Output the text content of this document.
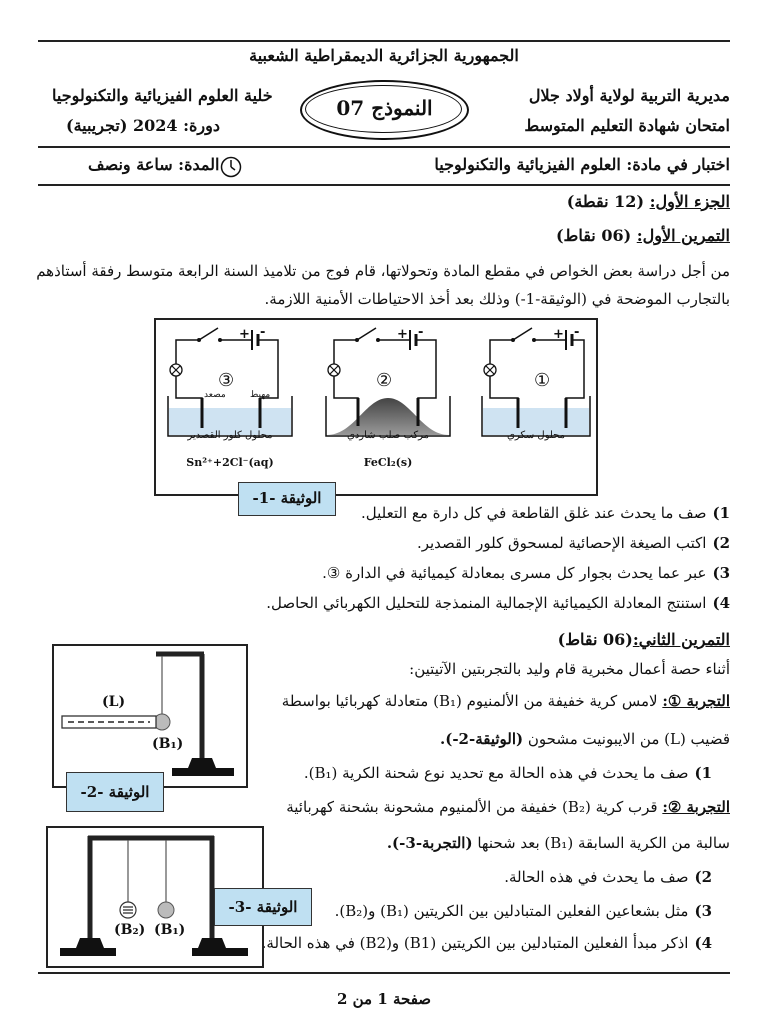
الجمهورية الجزائرية الديمقراطية الشعبية
مديرية التربية لولاية أولاد جلال
امتحان شهادة التعليم المتوسط
خلية العلوم الفيزيائية والتكنولوجيا
دورة: 2024 (تجريبية)
النموذج 07
اختبار في مادة: العلوم الفيزيائية والتكنولوجيا
المدة: ساعة ونصف
الجزء الأول: (12 نقطة)
التمرين الأول: (06 نقاط)
من أجل دراسة بعض الخواص في مقطع المادة وتحولاتها، قام فوج من تلاميذ السنة الرابعة متوسط رفقة أستاذهم
بالتجارب الموضحة في (الوثيقة-1-) وذلك بعد أخذ الاحتياطات الأمنية اللازمة.
+ -	+ -	+ -
③	②	①
مهبط
مصعد
محلول كلور القصدير
Sn²⁺+2Cl⁻(aq)
مركب صلب شاردي
FeCl₂(s)
محلول سكري
الوثيقة -1-
1)صف ما يحدث عند غلق القاطعة في كل دارة مع التعليل.
2)اكتب الصيغة الإحصائية لمسحوق كلور القصدير.
3)عبر عما يحدث بجوار كل مسرى بمعادلة كيميائية في الدارة ③.
4)استنتج المعادلة الكيميائية الإجمالية المنمذجة للتحليل الكهربائي الحاصل.
التمرين الثاني:(06 نقاط)
أثناء حصة أعمال مخبرية قام وليد بالتجربتين الآتيتين:
التجربة ①: لامس كرية خفيفة من الألمنيوم (B₁) متعادلة كهربائيا بواسطة
قضيب (L) من الايبونيت مشحون (الوثيقة-2-).
1)صف ما يحدث في هذه الحالة مع تحديد نوع شحنة الكرية (B₁).
التجربة ②: قرب كرية (B₂) خفيفة من الألمنيوم مشحونة بشحنة كهربائية
سالبة من الكرية السابقة (B₁) بعد شحنها (التجربة-3-).
2)صف ما يحدث في هذه الحالة.
3)مثل بشعاعين الفعلين المتبادلين بين الكريتين (B₁) و(B₂).
4)اذكر مبدأ الفعلين المتبادلين بين الكريتين (B1) و(B2) في هذه الحالة.
(L)
(B₁)
الوثيقة -2-
(B₂) (B₁)
الوثيقة -3-
صفحة 1 من 2
